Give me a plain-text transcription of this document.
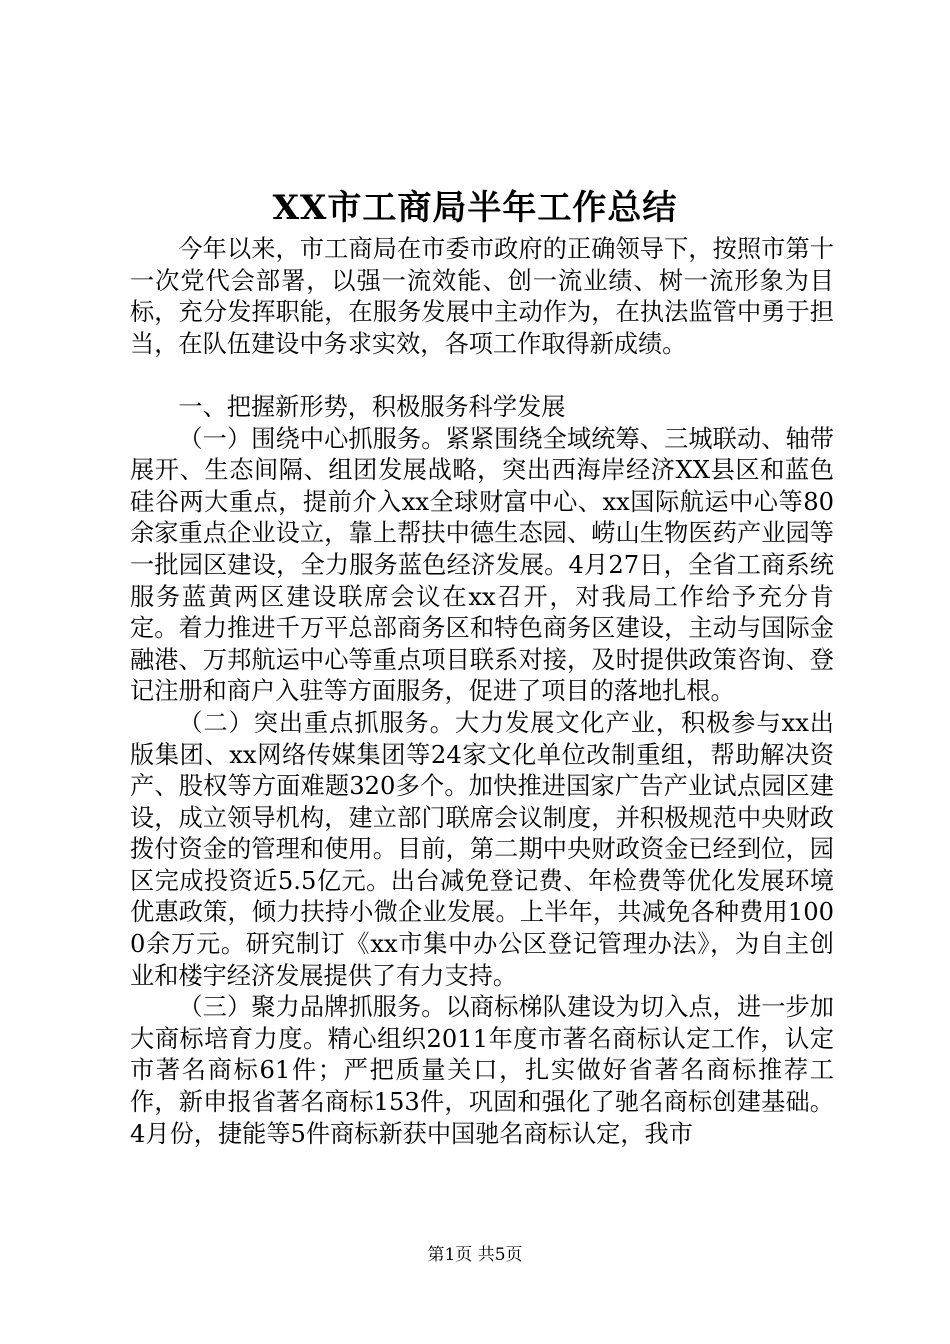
XX市工商局半年工作总结

今年以来，市工商局在市委市政府的正确领导下，按照市第十一次党代会部署，以强一流效能、创一流业绩、树一流形象为目标，充分发挥职能，在服务发展中主动作为，在执法监管中勇于担当，在队伍建设中务求实效，各项工作取得新成绩。

一、把握新形势，积极服务科学发展

（一）围绕中心抓服务。紧紧围绕全域统筹、三城联动、轴带展开、生态间隔、组团发展战略，突出西海岸经济XX县区和蓝色硅谷两大重点，提前介入xx全球财富中心、xx国际航运中心等80余家重点企业设立，靠上帮扶中德生态园、崂山生物医药产业园等一批园区建设，全力服务蓝色经济发展。4月27日，全省工商系统服务蓝黄两区建设联席会议在xx召开，对我局工作给予充分肯定。着力推进千万平总部商务区和特色商务区建设，主动与国际金融港、万邦航运中心等重点项目联系对接，及时提供政策咨询、登记注册和商户入驻等方面服务，促进了项目的落地扎根。

（二）突出重点抓服务。大力发展文化产业，积极参与xx出版集团、xx网络传媒集团等24家文化单位改制重组，帮助解决资产、股权等方面难题320多个。加快推进国家广告产业试点园区建设，成立领导机构，建立部门联席会议制度，并积极规范中央财政拨付资金的管理和使用。目前，第二期中央财政资金已经到位，园区完成投资近5.5亿元。出台减免登记费、年检费等优化发展环境优惠政策，倾力扶持小微企业发展。上半年，共减免各种费用1000余万元。研究制订《xx市集中办公区登记管理办法》，为自主创业和楼宇经济发展提供了有力支持。

（三）聚力品牌抓服务。以商标梯队建设为切入点，进一步加大商标培育力度。精心组织2011年度市著名商标认定工作，认定市著名商标61件；严把质量关口，扎实做好省著名商标推荐工作，新申报省著名商标153件，巩固和强化了驰名商标创建基础。4月份，捷能等5件商标新获中国驰名商标认定，我市

第1页 共5页
